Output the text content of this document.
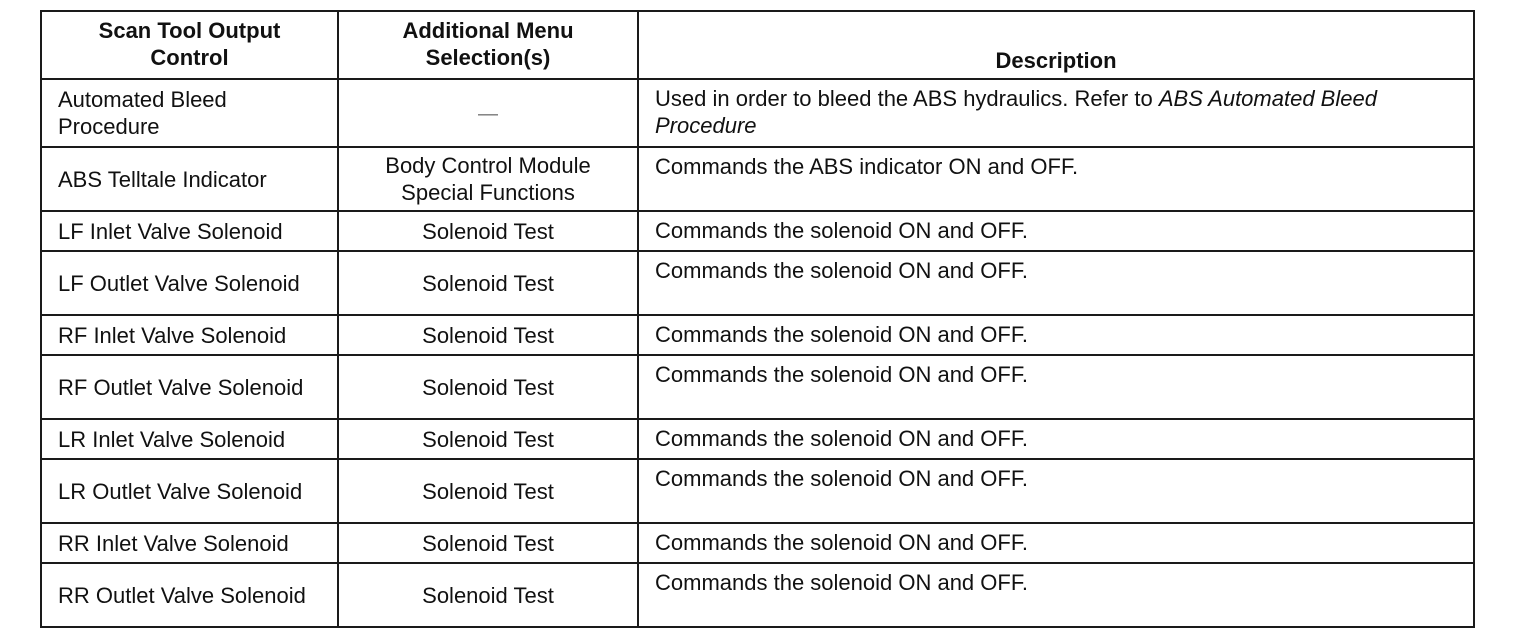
Scan Tool Output Control	Additional Menu Selection(s)	Description
Automated Bleed Procedure	—	Used in order to bleed the ABS hydraulics. Refer to ABS Automated Bleed Procedure
ABS Telltale Indicator	Body Control Module Special Functions	Commands the ABS indicator ON and OFF.
LF Inlet Valve Solenoid	Solenoid Test	Commands the solenoid ON and OFF.
LF Outlet Valve Solenoid	Solenoid Test	Commands the solenoid ON and OFF.
RF Inlet Valve Solenoid	Solenoid Test	Commands the solenoid ON and OFF.
RF Outlet Valve Solenoid	Solenoid Test	Commands the solenoid ON and OFF.
LR Inlet Valve Solenoid	Solenoid Test	Commands the solenoid ON and OFF.
LR Outlet Valve Solenoid	Solenoid Test	Commands the solenoid ON and OFF.
RR Inlet Valve Solenoid	Solenoid Test	Commands the solenoid ON and OFF.
RR Outlet Valve Solenoid	Solenoid Test	Commands the solenoid ON and OFF.
